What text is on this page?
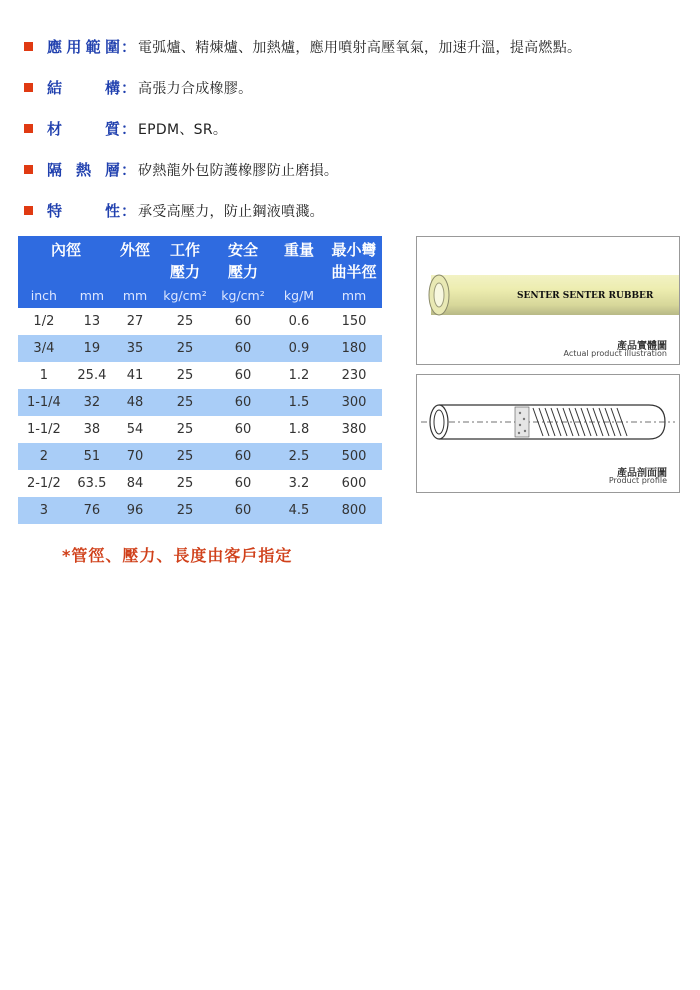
應用範圍 ： 電弧爐、精煉爐、加熱爐，應用噴射高壓氧氣，加速升溫，提高燃點。
結 構 ： 高張力合成橡膠。
材 質 ： EPDM、SR。
隔 熱 層 ： 矽熱龍外包防護橡膠防止磨損。
特 性 ： 承受高壓力，防止鋼液噴濺。
內徑		外徑	工作	安全	重量	最小彎
			壓力	壓力		曲半徑
inch	mm	mm	kg/cm²	kg/cm²	kg/M	mm
1/2	13	27	25	60	0.6	150
3/4	19	35	25	60	0.9	180
1	25.4	41	25	60	1.2	230
1-1/4	32	48	25	60	1.5	300
1-1/2	38	54	25	60	1.8	380
2	51	70	25	60	2.5	500
2-1/2	63.5	84	25	60	3.2	600
3	76	96	25	60	4.5	800
*管徑、壓力、長度由客戶指定
SENTER SENTER RUBBER
產品實體圖
Actual product illustration
產品剖面圖
Product profile
